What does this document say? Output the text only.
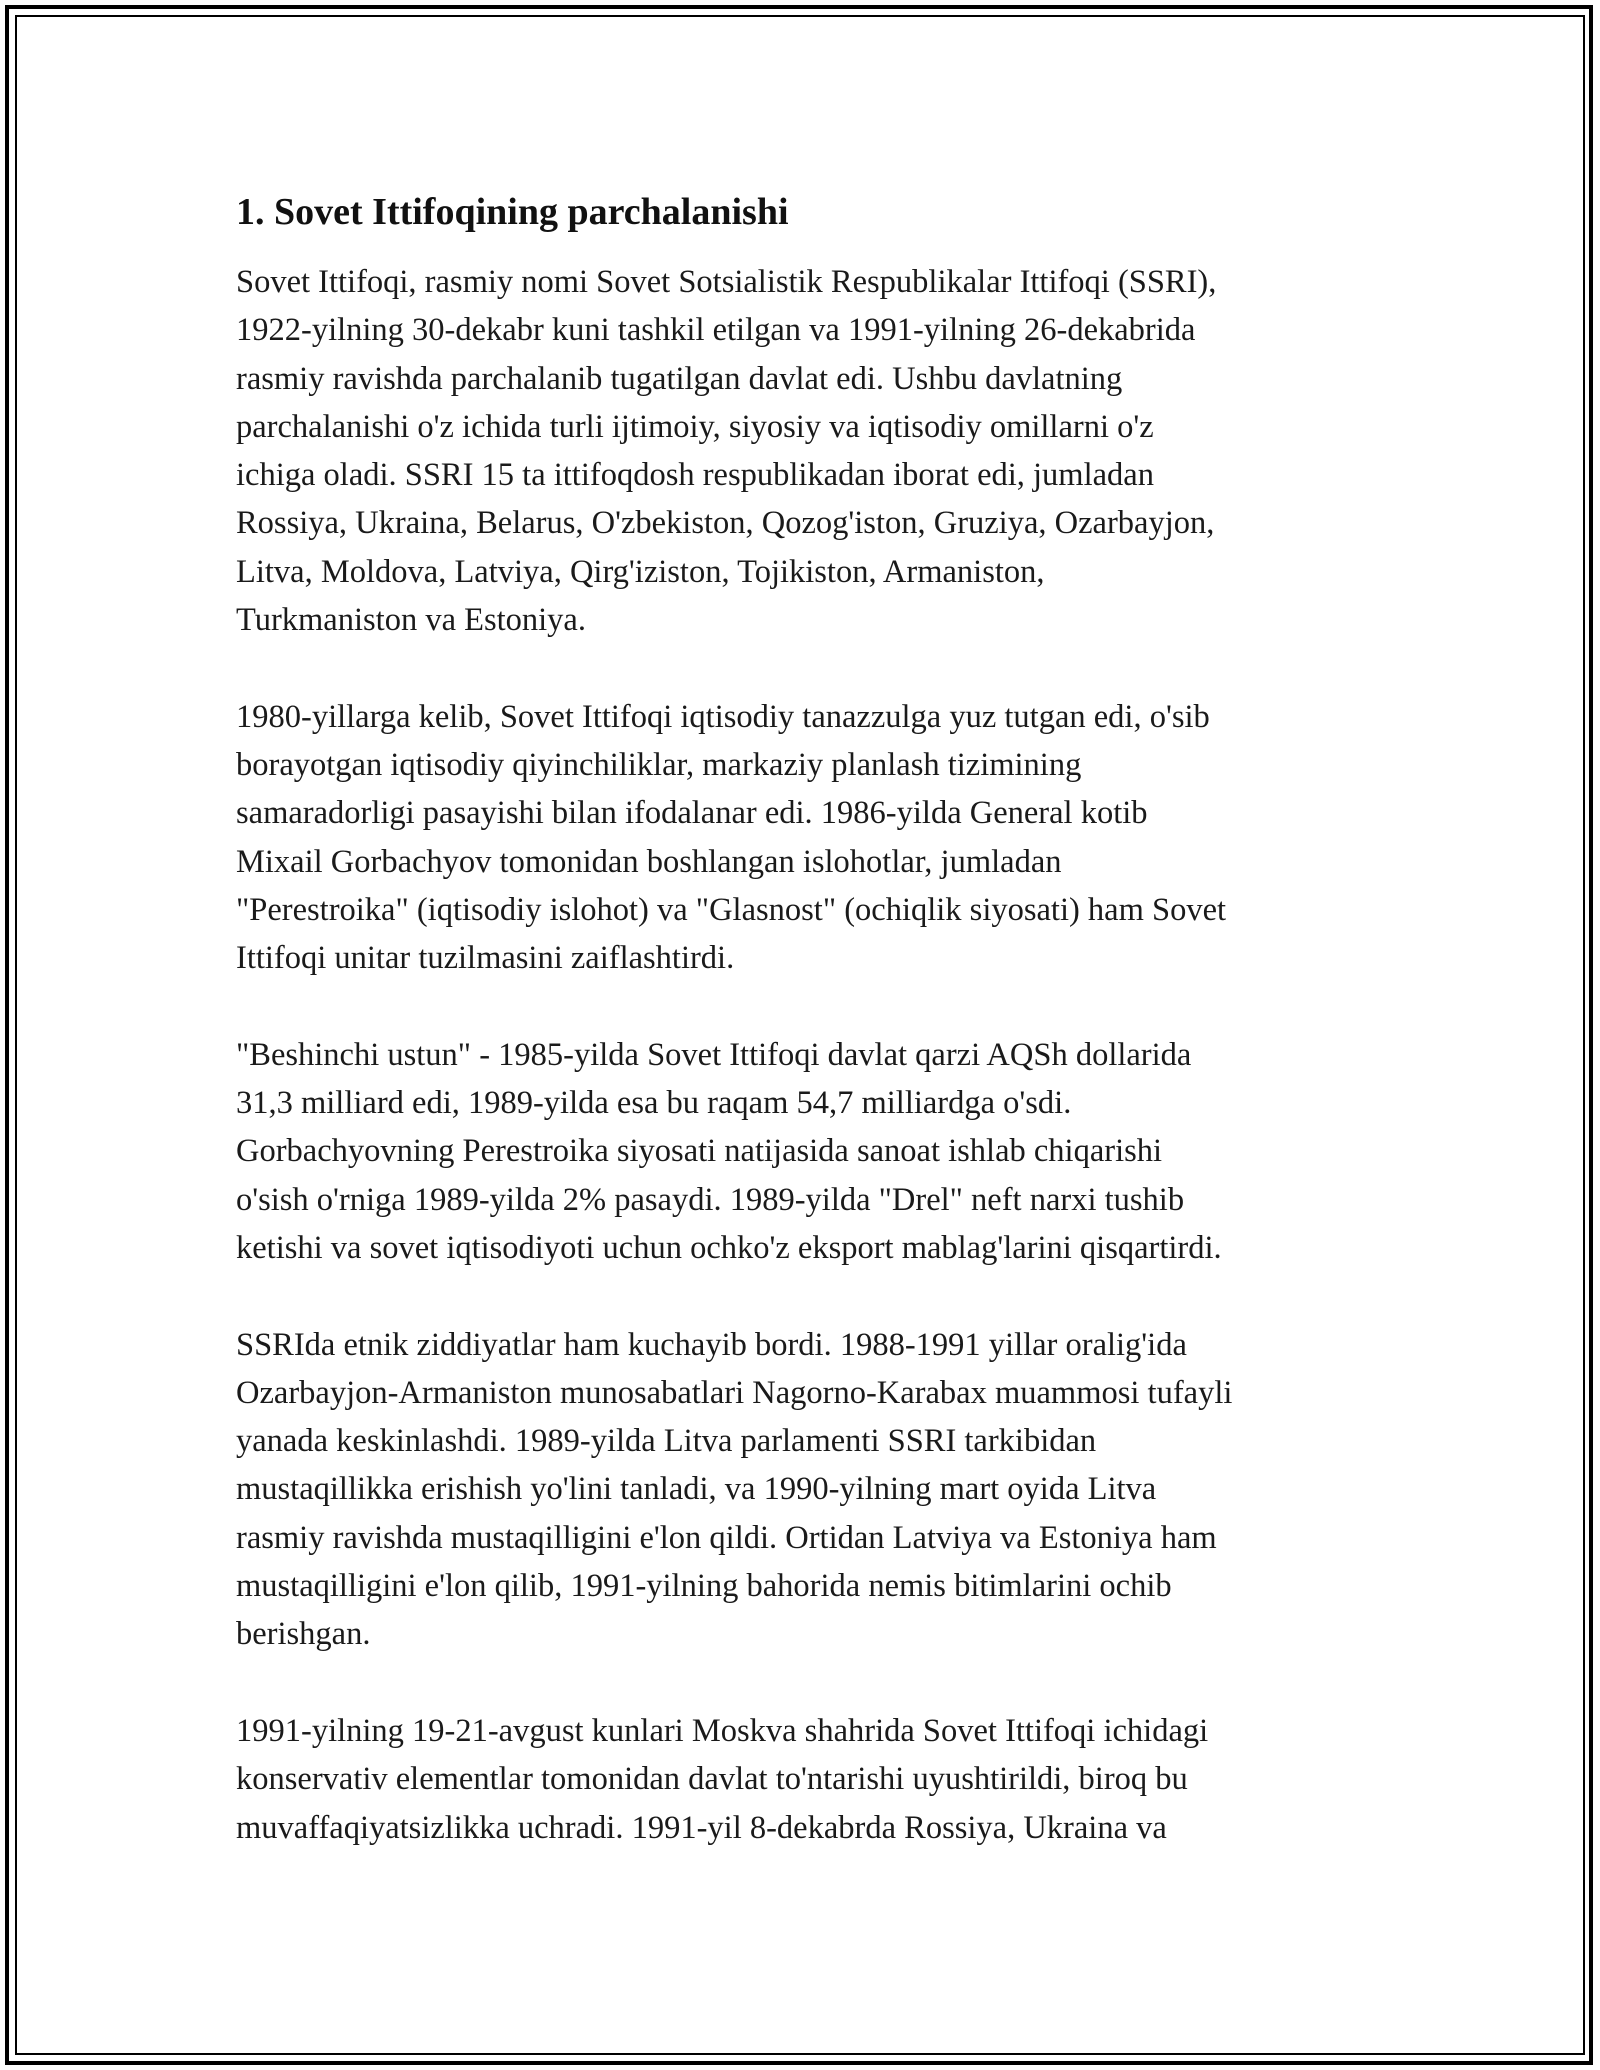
1. Sovet Ittifoqining parchalanishi
Sovet Ittifoqi, rasmiy nomi Sovet Sotsialistik Respublikalar Ittifoqi (SSRI),
1922-yilning 30-dekabr kuni tashkil etilgan va 1991-yilning 26-dekabrida
rasmiy ravishda parchalanib tugatilgan davlat edi. Ushbu davlatning
parchalanishi o'z ichida turli ijtimoiy, siyosiy va iqtisodiy omillarni o'z
ichiga oladi. SSRI 15 ta ittifoqdosh respublikadan iborat edi, jumladan
Rossiya, Ukraina, Belarus, O'zbekiston, Qozog'iston, Gruziya, Ozarbayjon,
Litva, Moldova, Latviya, Qirg'iziston, Tojikiston, Armaniston,
Turkmaniston va Estoniya.
1980-yillarga kelib, Sovet Ittifoqi iqtisodiy tanazzulga yuz tutgan edi, o'sib
borayotgan iqtisodiy qiyinchiliklar, markaziy planlash tizimining
samaradorligi pasayishi bilan ifodalanar edi. 1986-yilda General kotib
Mixail Gorbachyov tomonidan boshlangan islohotlar, jumladan
"Perestroika" (iqtisodiy islohot) va "Glasnost" (ochiqlik siyosati) ham Sovet
Ittifoqi unitar tuzilmasini zaiflashtirdi.
"Beshinchi ustun" - 1985-yilda Sovet Ittifoqi davlat qarzi AQSh dollarida
31,3 milliard edi, 1989-yilda esa bu raqam 54,7 milliardga o'sdi.
Gorbachyovning Perestroika siyosati natijasida sanoat ishlab chiqarishi
o'sish o'rniga 1989-yilda 2% pasaydi. 1989-yilda "Drel" neft narxi tushib
ketishi va sovet iqtisodiyoti uchun ochko'z eksport mablag'larini qisqartirdi.
SSRIda etnik ziddiyatlar ham kuchayib bordi. 1988-1991 yillar oralig'ida
Ozarbayjon-Armaniston munosabatlari Nagorno-Karabax muammosi tufayli
yanada keskinlashdi. 1989-yilda Litva parlamenti SSRI tarkibidan
mustaqillikka erishish yo'lini tanladi, va 1990-yilning mart oyida Litva
rasmiy ravishda mustaqilligini e'lon qildi. Ortidan Latviya va Estoniya ham
mustaqilligini e'lon qilib, 1991-yilning bahorida nemis bitimlarini ochib
berishgan.
1991-yilning 19-21-avgust kunlari Moskva shahrida Sovet Ittifoqi ichidagi
konservativ elementlar tomonidan davlat to'ntarishi uyushtirildi, biroq bu
muvaffaqiyatsizlikka uchradi. 1991-yil 8-dekabrda Rossiya, Ukraina va
